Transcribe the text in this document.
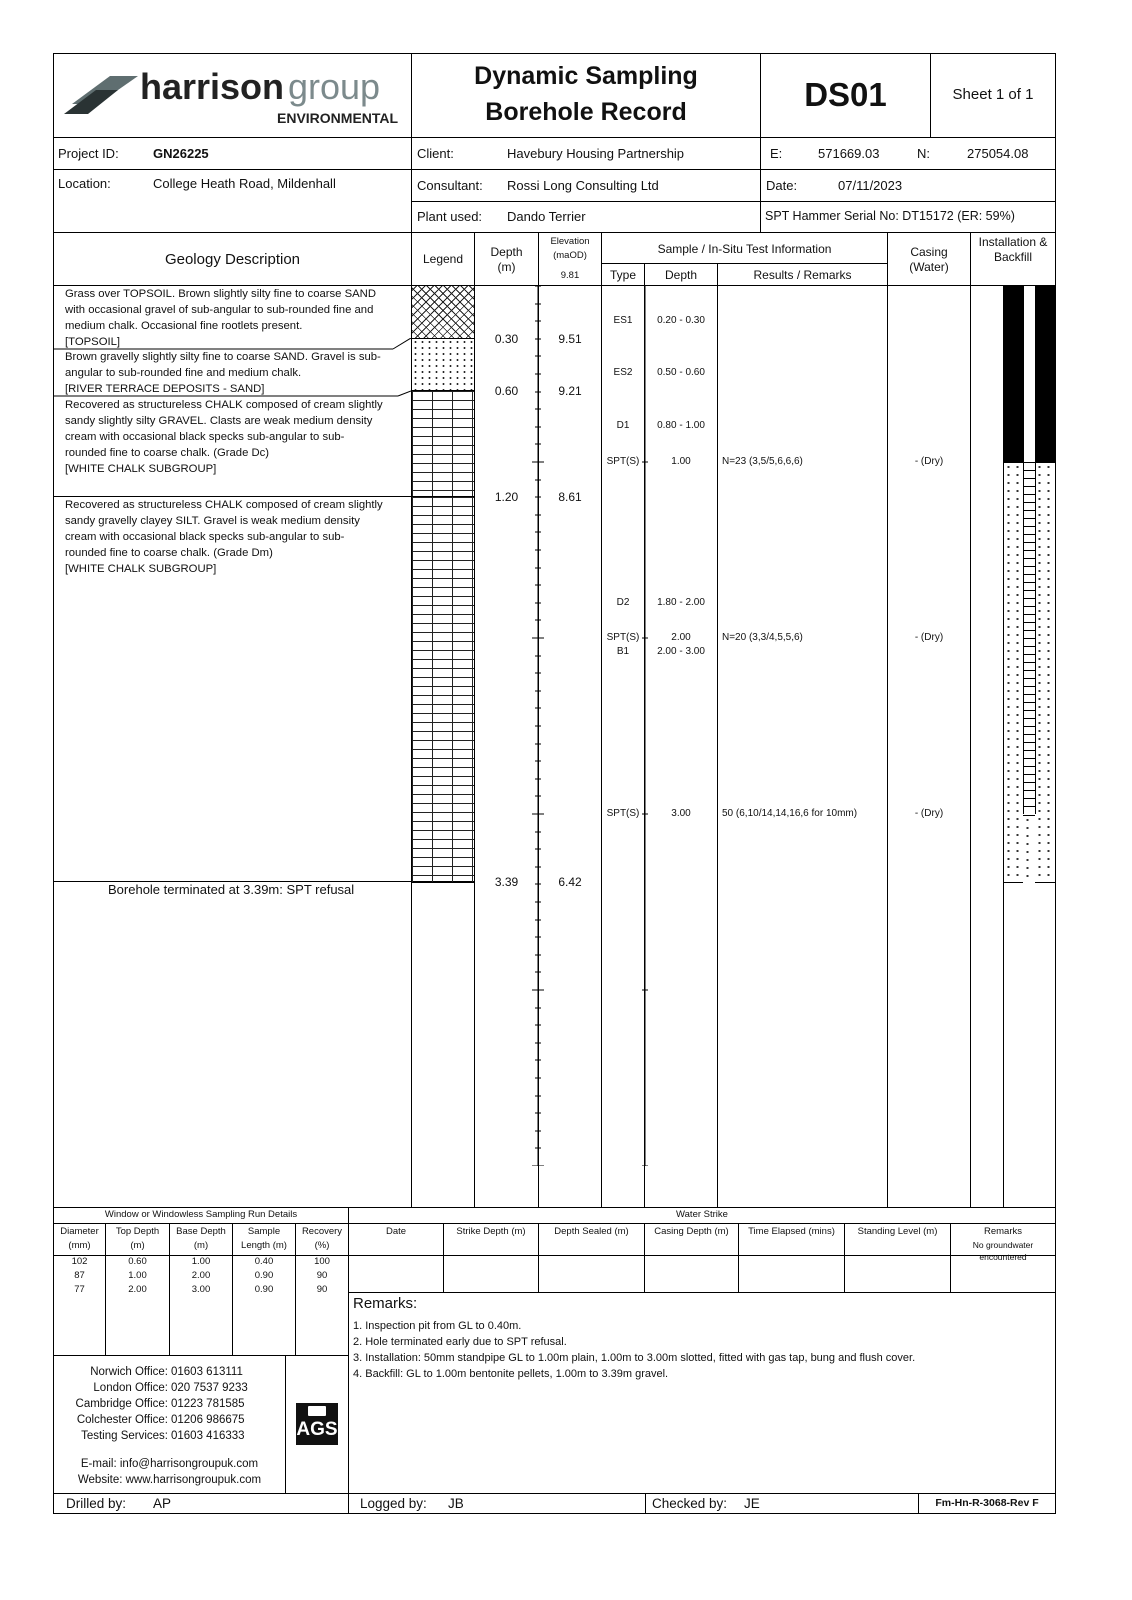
harrison group
ENVIRONMENTAL
Dynamic Sampling
Borehole Record	DS01	Sheet 1 of 1
Project ID:	GN26225	Client:	Havebury Housing Partnership	E:	571669.03	N:	275054.08
Location:	College Heath Road, Mildenhall	Consultant: Rossi Long Consulting Ltd	Date:	07/11/2023
Plant used: Dando Terrier	SPT Hammer Serial No: DT15172 (ER: 59%)
Geology Description	Legend	Depth
(m)
Elevation
(maOD)
9.81
Sample / In-Situ Test Information
Type	Depth	Results / Remarks
Casing
(Water)
Installation &
Backfill
Grass over TOPSOIL. Brown slightly silty fine to coarse SAND
with occasional gravel of sub-angular to sub-rounded fine and
medium chalk. Occasional fine rootlets present.
[TOPSOIL]
Brown gravelly slightly silty fine to coarse SAND. Gravel is sub-
angular to sub-rounded fine and medium chalk.
[RIVER TERRACE DEPOSITS - SAND]
Recovered as structureless CHALK composed of cream slightly
sandy slightly silty GRAVEL. Clasts are weak medium density
cream with occasional black specks sub-angular to sub-
rounded fine to coarse chalk. (Grade Dc)
[WHITE CHALK SUBGROUP]
Recovered as structureless CHALK composed of cream slightly
sandy gravelly clayey SILT. Gravel is weak medium density
cream with occasional black specks sub-angular to sub-
rounded fine to coarse chalk. (Grade Dm)
[WHITE CHALK SUBGROUP]
Borehole terminated at 3.39m: SPT refusal
0.30	9.51
0.60	9.21
1.20	8.61
3.39	6.42
ES1	0.20 - 0.30
ES2	0.50 - 0.60
D1	0.80 - 1.00
SPT(S)	1.00	N=23 (3,5/5,6,6,6)	- (Dry)
D2	1.80 - 2.00
SPT(S)	2.00	N=20 (3,3/4,5,5,6)	- (Dry)
B1	2.00 - 3.00
SPT(S)	3.00	50 (6,10/14,14,16,6 for 10mm)	- (Dry)
Window or Windowless Sampling Run Details
Diameter
(mm)
Top Depth
(m)
Base Depth
(m)
Sample
Length (m)
Recovery
(%)
102	0.60	1.00	0.40	100
87	1.00	2.00	0.90	90
77	2.00	3.00	0.90	90
Water Strike
Date	Strike Depth (m)	Depth Sealed (m)	Casing Depth (m)	Time Elapsed (mins)	Standing Level (m)	Remarks
No groundwater
encountered
Remarks:
1. Inspection pit from GL to 0.40m.
2. Hole terminated early due to SPT refusal.
3. Installation: 50mm standpipe GL to 1.00m plain, 1.00m to 3.00m slotted, fitted with gas tap, bung and flush cover.
4. Backfill: GL to 1.00m bentonite pellets, 1.00m to 3.39m gravel.
Norwich Office: 01603 613111
London Office: 020 7537 9233
Cambridge Office: 01223 781585
Colchester Office: 01206 986675
Testing Services: 01603 416333
E-mail: info@harrisongroupuk.com
Website: www.harrisongroupuk.com
AGS
Drilled by: AP	Logged by: JB	Checked by: JE	Fm-Hn-R-3068-Rev F
